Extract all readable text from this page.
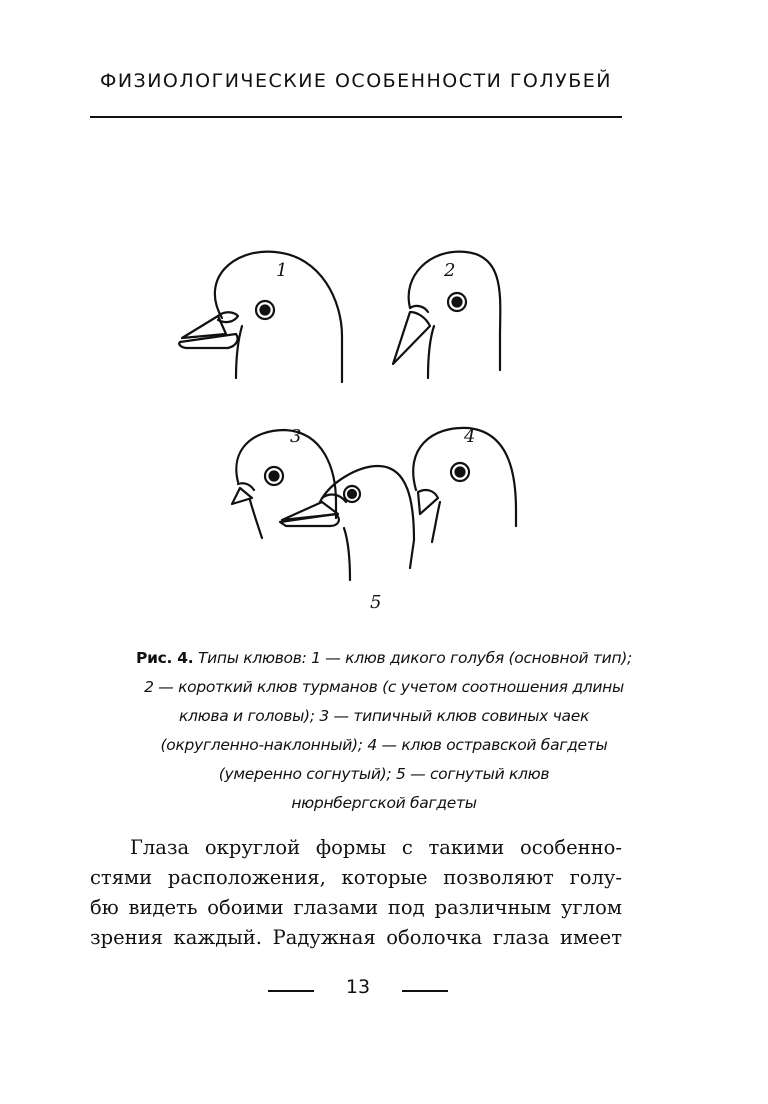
ФИЗИОЛОГИЧЕСКИЕ ОСОБЕННОСТИ ГОЛУБЕЙ
1	2
3	4
5
Рис. 4. Типы клювов: 1 — клюв дикого голубя (основной тип);
2 — короткий клюв турманов (с учетом соотношения длины
клюва и головы); 3 — типичный клюв совиных чаек
(округленно-наклонный); 4 — клюв остравской багдеты
(умеренно согнутый); 5 — согнутый клюв
нюрнбергской багдеты
Глаза округлой формы с такими особенно-
стями расположения, которые позволяют голу-
бю видеть обоими глазами под различным углом
зрения каждый. Радужная оболочка глаза имеет
13
